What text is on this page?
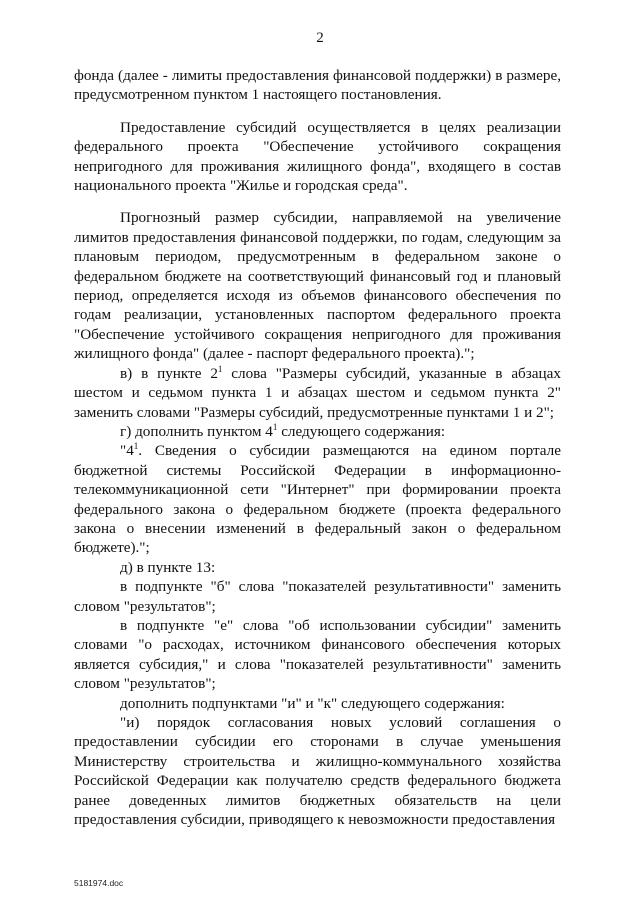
2

фонда (далее - лимиты предоставления финансовой поддержки) в размере, предусмотренном пунктом 1 настоящего постановления.

Предоставление субсидий осуществляется в целях реализации федерального проекта "Обеспечение устойчивого сокращения непригодного для проживания жилищного фонда", входящего в состав национального проекта "Жилье и городская среда".

Прогнозный размер субсидии, направляемой на увеличение лимитов предоставления финансовой поддержки, по годам, следующим за плановым периодом, предусмотренным в федеральном законе о федеральном бюджете на соответствующий финансовый год и плановый период, определяется исходя из объемов финансового обеспечения по годам реализации, установленных паспортом федерального проекта "Обеспечение устойчивого сокращения непригодного для проживания жилищного фонда" (далее - паспорт федерального проекта).";

в) в пункте $2^1$ слова "Размеры субсидий, указанные в абзацах шестом и седьмом пункта 1 и абзацах шестом и седьмом пункта 2" заменить словами "Размеры субсидий, предусмотренные пунктами 1 и 2";

г) дополнить пунктом $4^1$ следующего содержания:

"$4^1$. Сведения о субсидии размещаются на едином портале бюджетной системы Российской Федерации в информационно-телекоммуникационной сети "Интернет" при формировании проекта федерального закона о федеральном бюджете (проекта федерального закона о внесении изменений в федеральный закон о федеральном бюджете).";

д) в пункте 13:

в подпункте "б" слова "показателей результативности" заменить словом "результатов";

в подпункте "е" слова "об использовании субсидии" заменить словами "о расходах, источником финансового обеспечения которых является субсидия," и слова "показателей результативности" заменить словом "результатов";

дополнить подпунктами "и" и "к" следующего содержания:

"и) порядок согласования новых условий соглашения о предоставлении субсидии его сторонами в случае уменьшения Министерству строительства и жилищно-коммунального хозяйства Российской Федерации как получателю средств федерального бюджета ранее доведенных лимитов бюджетных обязательств на цели предоставления субсидии, приводящего к невозможности предоставления

5181974.doc
